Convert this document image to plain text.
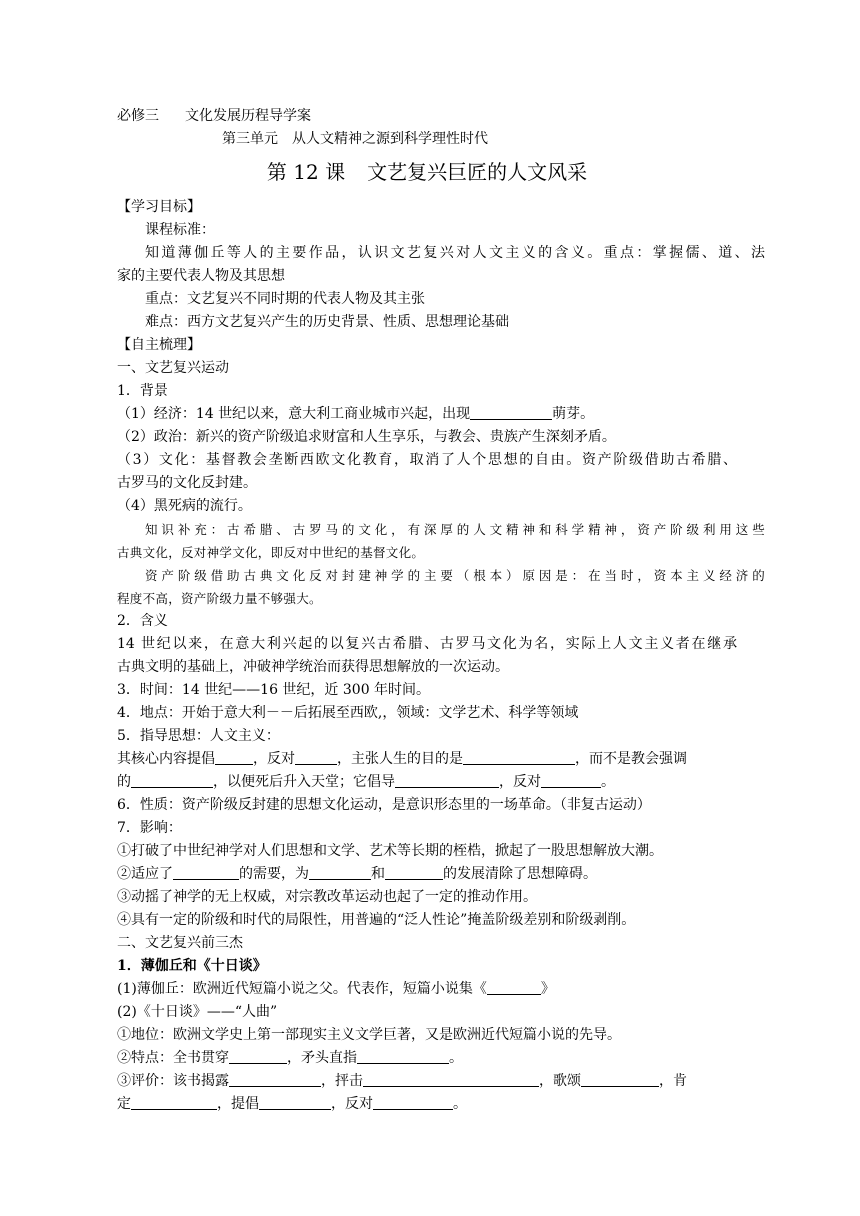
必修三 文化发展历程导学案
第三单元 从人文精神之源到科学理性时代
第 12 课 文艺复兴巨匠的人文风采
【学习目标】
课程标准：
知道薄伽丘等人的主要作品，认识文艺复兴对人文主义的含义。重点：掌握儒、道、法
家的主要代表人物及其思想
重点：文艺复兴不同时期的代表人物及其主张
难点：西方文艺复兴产生的历史背景、性质、思想理论基础
【自主梳理】
一、文艺复兴运动
1．背景
（1）经济：14 世纪以来，意大利工商业城市兴起，出现	萌芽。
（2）政治：新兴的资产阶级追求财富和人生享乐，与教会、贵族产生深刻矛盾。
（3）文化：基督教会垄断西欧文化教育，取消了人个思想的自由。资产阶级借助古希腊、
古罗马的文化反封建。
（4）黑死病的流行。
知识补充：古希腊、古罗马的文化，有深厚的人文精神和科学精神，资产阶级利用这些
古典文化，反对神学文化，即反对中世纪的基督文化。
资产阶级借助古典文化反对封建神学的主要（根本）原因是：在当时，资本主义经济的
程度不高，资产阶级力量不够强大。
2．含义
14 世纪以来，在意大利兴起的以复兴古希腊、古罗马文化为名，实际上人文主义者在继承
古典文明的基础上，冲破神学统治而获得思想解放的一次运动。
3．时间：14 世纪——16 世纪，近 300 年时间。
4．地点：开始于意大利－－后拓展至西欧,，领域：文学艺术、科学等领域
5．指导思想：人文主义：
其核心内容提倡	，反对	，主张人生的目的是	，而不是教会强调
的	，以便死后升入天堂；它倡导	，反对	。
6．性质：资产阶级反封建的思想文化运动，是意识形态里的一场革命。（非复古运动）
7．影响：
①打破了中世纪神学对人们思想和文学、艺术等长期的桎梏，掀起了一股思想解放大潮。
②适应了	的需要，为	和	的发展清除了思想障碍。
③动摇了神学的无上权威，对宗教改革运动也起了一定的推动作用。
④具有一定的阶级和时代的局限性，用普遍的“泛人性论”掩盖阶级差别和阶级剥削。
二、文艺复兴前三杰
1．薄伽丘和《十日谈》
(1)薄伽丘：欧洲近代短篇小说之父。代表作，短篇小说集《	》
(2)《十日谈》——“人曲”
①地位：欧洲文学史上第一部现实主义文学巨著，又是欧洲近代短篇小说的先导。
②特点：全书贯穿	，矛头直指	。
③评价：该书揭露	，抨击	，歌颂	，肯
定	，提倡	，反对	。
